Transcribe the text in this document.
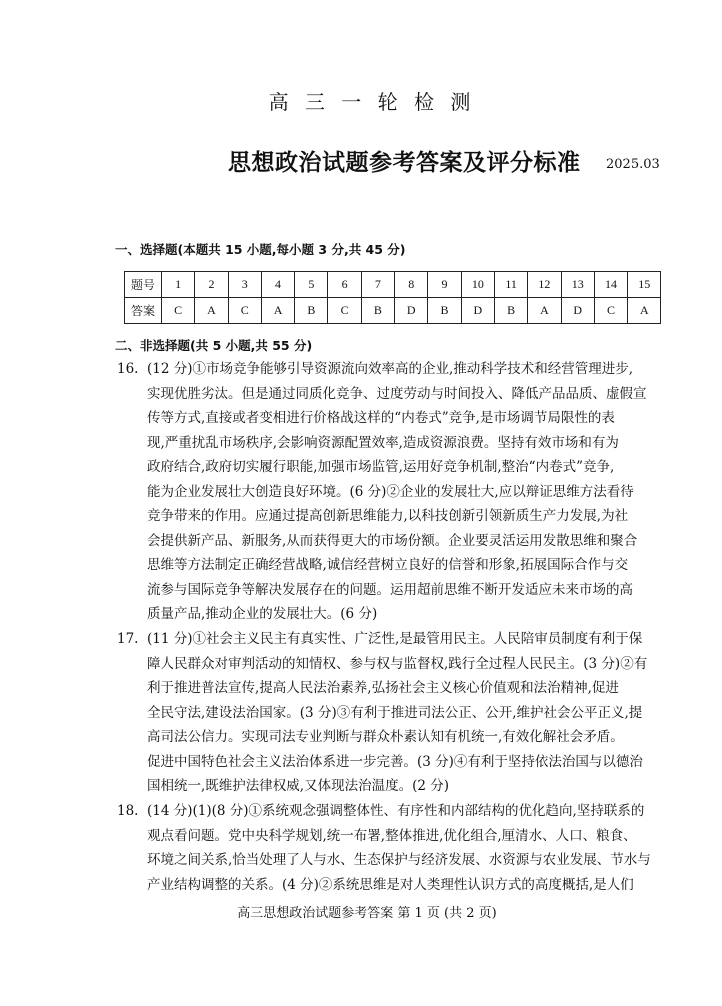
高 三 一 轮 检 测
思想政治试题参考答案及评分标准 2025.03
一、选择题(本题共 15 小题,每小题 3 分,共 45 分)
题号	1	2	3	4	5	6	7	8	9	10	11	12	13	14	15
答案	C	A	C	A	B	C	B	D	B	D	B	A	D	C	A
二、非选择题(共 5 小题,共 55 分)
16. (12 分)①市场竞争能够引导资源流向效率高的企业,推动科学技术和经营管理进步,
实现优胜劣汰。但是通过同质化竞争、过度劳动与时间投入、降低产品品质、虚假宣
传等方式,直接或者变相进行价格战这样的“内卷式”竞争,是市场调节局限性的表
现,严重扰乱市场秩序,会影响资源配置效率,造成资源浪费。坚持有效市场和有为
政府结合,政府切实履行职能,加强市场监管,运用好竞争机制,整治“内卷式”竞争,
能为企业发展壮大创造良好环境。(6 分)②企业的发展壮大,应以辩证思维方法看待
竞争带来的作用。应通过提高创新思维能力,以科技创新引领新质生产力发展,为社
会提供新产品、新服务,从而获得更大的市场份额。企业要灵活运用发散思维和聚合
思维等方法制定正确经营战略,诚信经营树立良好的信誉和形象,拓展国际合作与交
流参与国际竞争等解决发展存在的问题。运用超前思维不断开发适应未来市场的高
质量产品,推动企业的发展壮大。(6 分)
17. (11 分)①社会主义民主有真实性、广泛性,是最管用民主。人民陪审员制度有利于保
障人民群众对审判活动的知情权、参与权与监督权,践行全过程人民民主。(3 分)②有
利于推进普法宣传,提高人民法治素养,弘扬社会主义核心价值观和法治精神,促进
全民守法,建设法治国家。(3 分)③有利于推进司法公正、公开,维护社会公平正义,提
高司法公信力。实现司法专业判断与群众朴素认知有机统一,有效化解社会矛盾。
促进中国特色社会主义法治体系进一步完善。(3 分)④有利于坚持依法治国与以德治
国相统一,既维护法律权威,又体现法治温度。(2 分)
18. (14 分)(1)(8 分)①系统观念强调整体性、有序性和内部结构的优化趋向,坚持联系的
观点看问题。党中央科学规划,统一布署,整体推进,优化组合,厘清水、人口、粮食、
环境之间关系,恰当处理了人与水、生态保护与经济发展、水资源与农业发展、节水与
产业结构调整的关系。(4 分)②系统思维是对人类理性认识方式的高度概括,是人们
高三思想政治试题参考答案 第 1 页 (共 2 页)
